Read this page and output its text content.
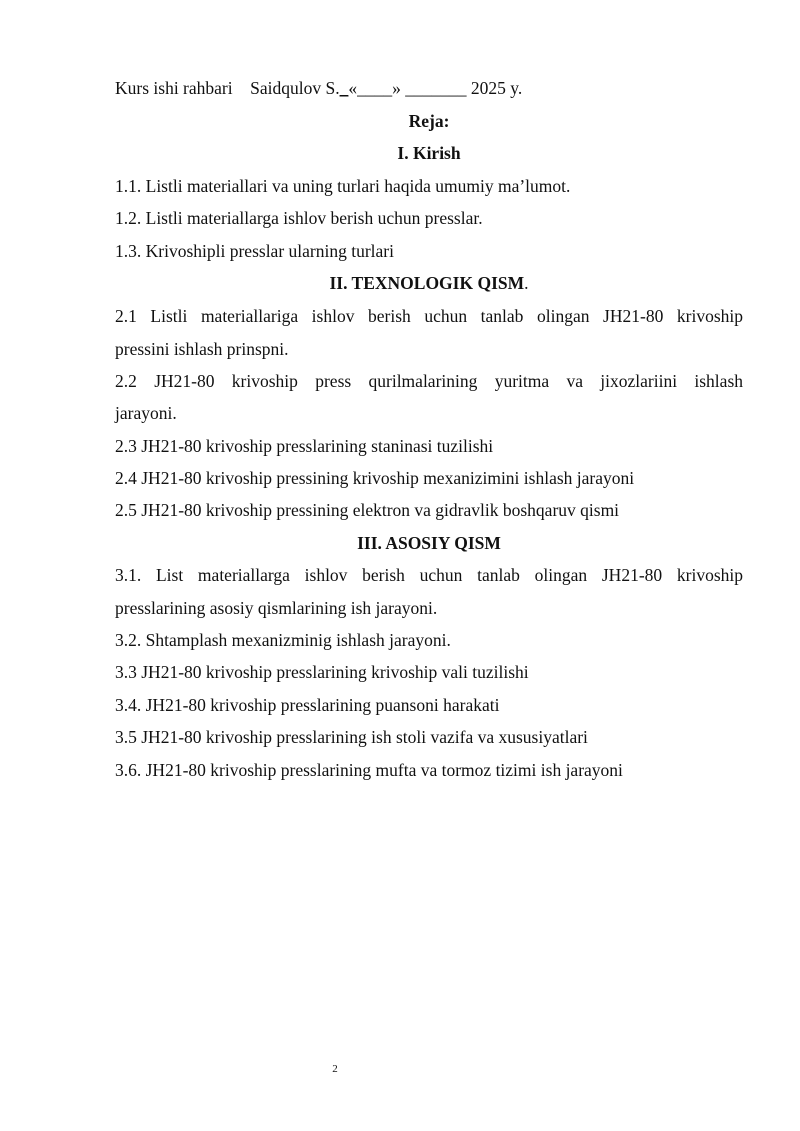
Kurs ishi rahbari Saidqulov S._«____» _______ 2025 y.
Reja:
I. Kirish
1.1. Listli materiallari va uning turlari haqida umumiy ma’lumot.
1.2. Listli materiallarga ishlov berish uchun presslar.
1.3. Krivoshipli presslar ularning turlari
II. TEXNOLOGIK QISM.
2.1 Listli materiallariga ishlov berish uchun tanlab olingan JH21-80 krivoship
pressini ishlash prinspni.
2.2 JH21-80 krivoship press qurilmalarining yuritma va jixozlariini ishlash
jarayoni.
2.3 JH21-80 krivoship presslarining staninasi tuzilishi
2.4 JH21-80 krivoship pressining krivoship mexanizimini ishlash jarayoni
2.5 JH21-80 krivoship pressining elektron va gidravlik boshqaruv qismi
III. ASOSIY QISM
3.1. List materiallarga ishlov berish uchun tanlab olingan JH21-80 krivoship
presslarining asosiy qismlarining ish jarayoni.
3.2. Shtamplash mexanizminig ishlash jarayoni.
3.3 JH21-80 krivoship presslarining krivoship vali tuzilishi
3.4. JH21-80 krivoship presslarining puansoni harakati
3.5 JH21-80 krivoship presslarining ish stoli vazifa va xususiyatlari
3.6. JH21-80 krivoship presslarining mufta va tormoz tizimi ish jarayoni
2
